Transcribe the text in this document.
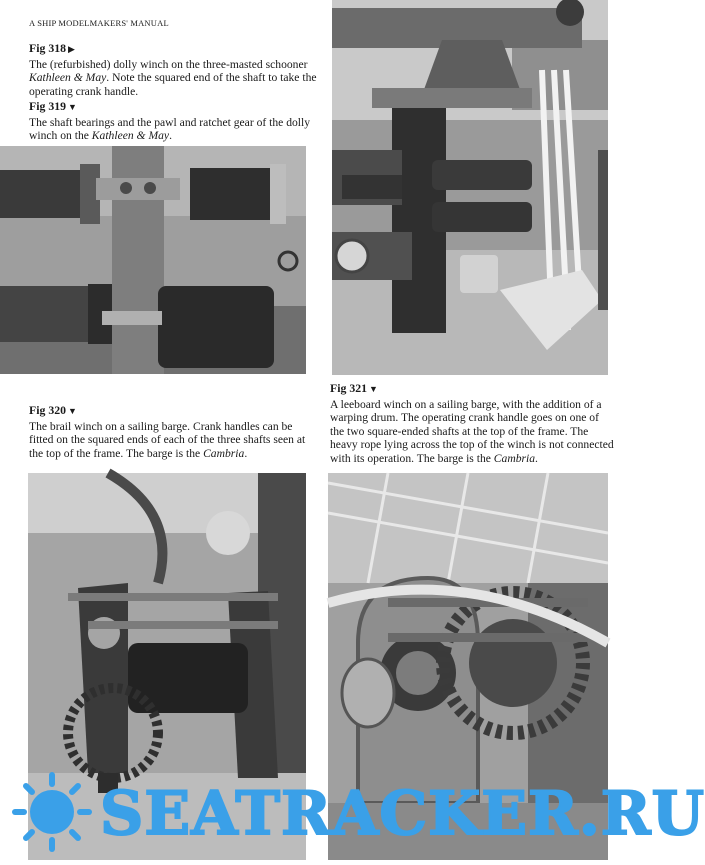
A SHIP MODELMAKERS' MANUAL
Fig 318 ▶

The (refurbished) dolly winch on the three-masted schooner Kathleen & May. Note the squared end of the shaft to take the operating crank handle.

Fig 319 ▼

The shaft bearings and the pawl and ratchet gear of the dolly winch on the Kathleen & May.

Fig 321 ▼

A leeboard winch on a sailing barge, with the addition of a warping drum. The operating crank handle goes on one of the two square-ended shafts at the top of the frame. The heavy rope lying across the top of the winch is not connected with its operation. The barge is the Cambria.

Fig 320 ▼

The brail winch on a sailing barge. Crank handles can be fitted on the squared ends of each of the three shafts seen at the top of the frame. The barge is the Cambria.

SEATRACKER.RU
